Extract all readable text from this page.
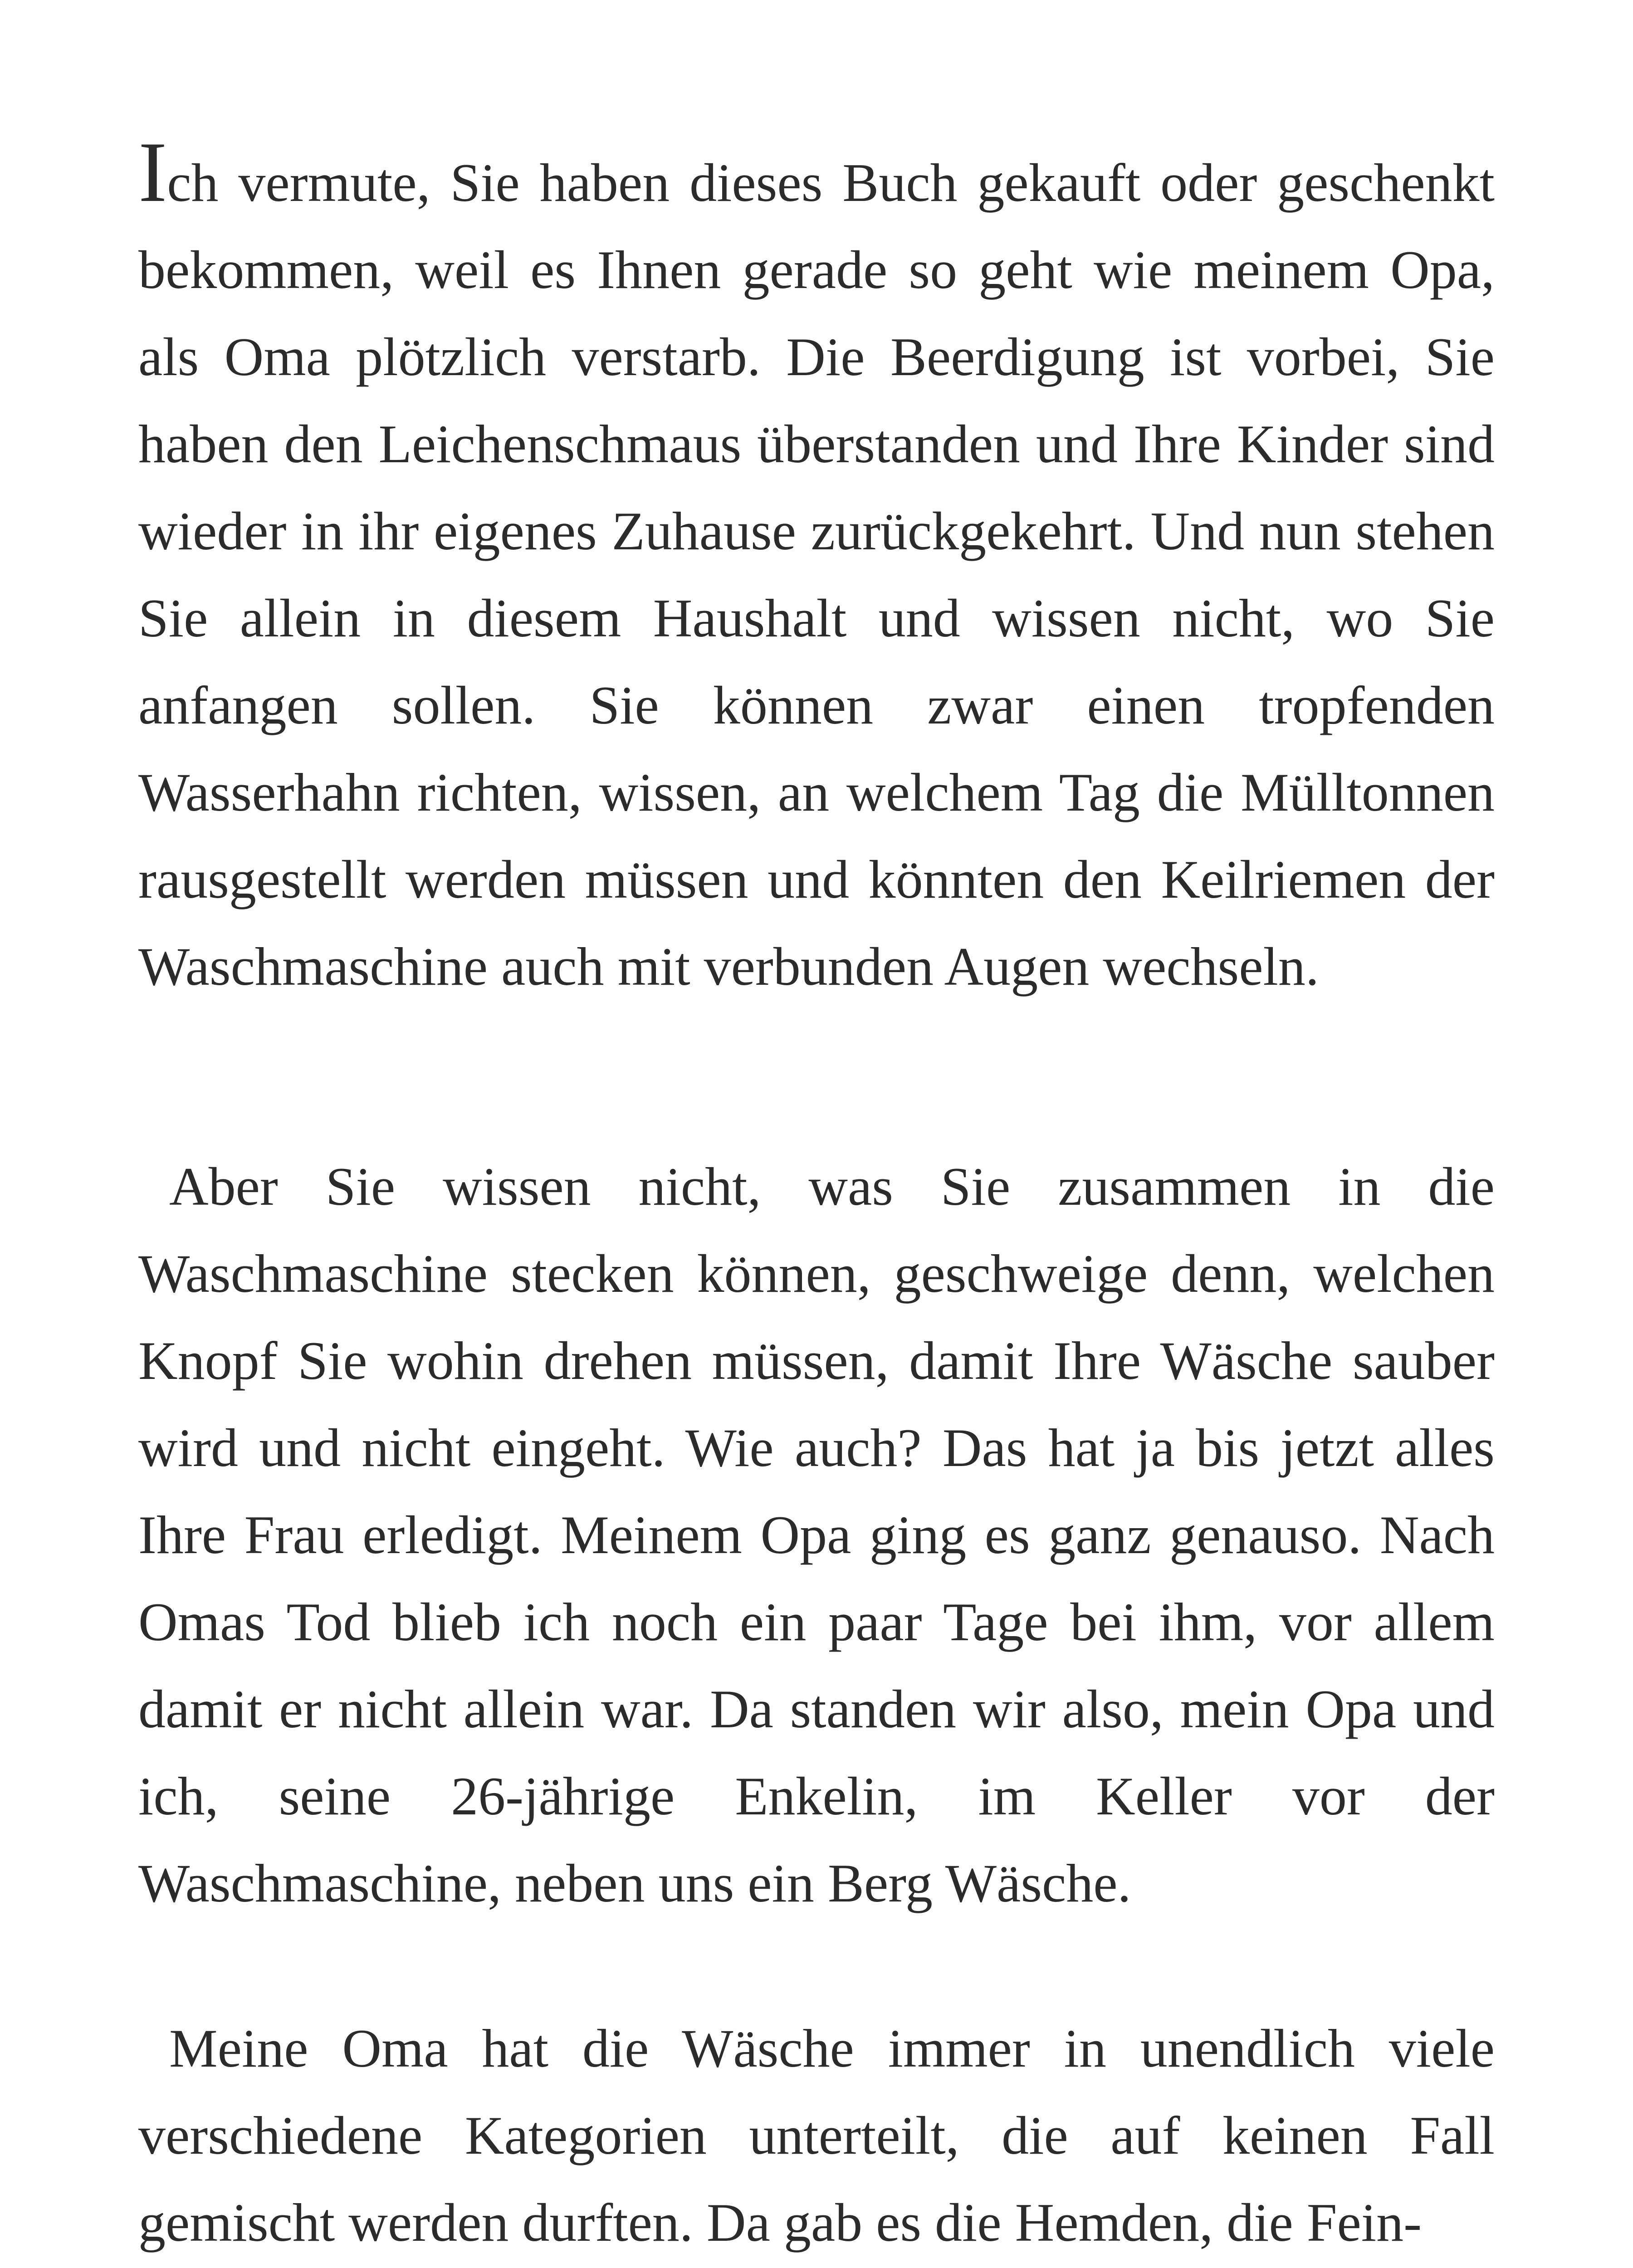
Ich vermute, Sie haben dieses Buch gekauft oder geschenkt bekommen, weil es Ihnen gerade so geht wie meinem Opa, als Oma plötzlich verstarb. Die Beerdigung ist vorbei, Sie haben den Leichenschmaus überstanden und Ihre Kinder sind wieder in ihr eigenes Zuhause zurückgekehrt. Und nun stehen Sie allein in diesem Haushalt und wissen nicht, wo Sie anfangen sollen. Sie können zwar einen tropfenden Wasserhahn richten, wissen, an welchem Tag die Mülltonnen rausgestellt werden müssen und könnten den Keilriemen der Waschmaschine auch mit verbunden Augen wechseln.

Aber Sie wissen nicht, was Sie zusammen in die Waschmaschine stecken können, geschweige denn, welchen Knopf Sie wohin drehen müssen, damit Ihre Wäsche sauber wird und nicht eingeht. Wie auch? Das hat ja bis jetzt alles Ihre Frau erledigt. Meinem Opa ging es ganz genauso. Nach Omas Tod blieb ich noch ein paar Tage bei ihm, vor allem damit er nicht allein war. Da standen wir also, mein Opa und ich, seine 26-jährige Enkelin, im Keller vor der Waschmaschine, neben uns ein Berg Wäsche.

Meine Oma hat die Wäsche immer in unendlich viele verschiedene Kategorien unterteilt, die auf keinen Fall gemischt werden durften. Da gab es die Hemden, die Fein-
